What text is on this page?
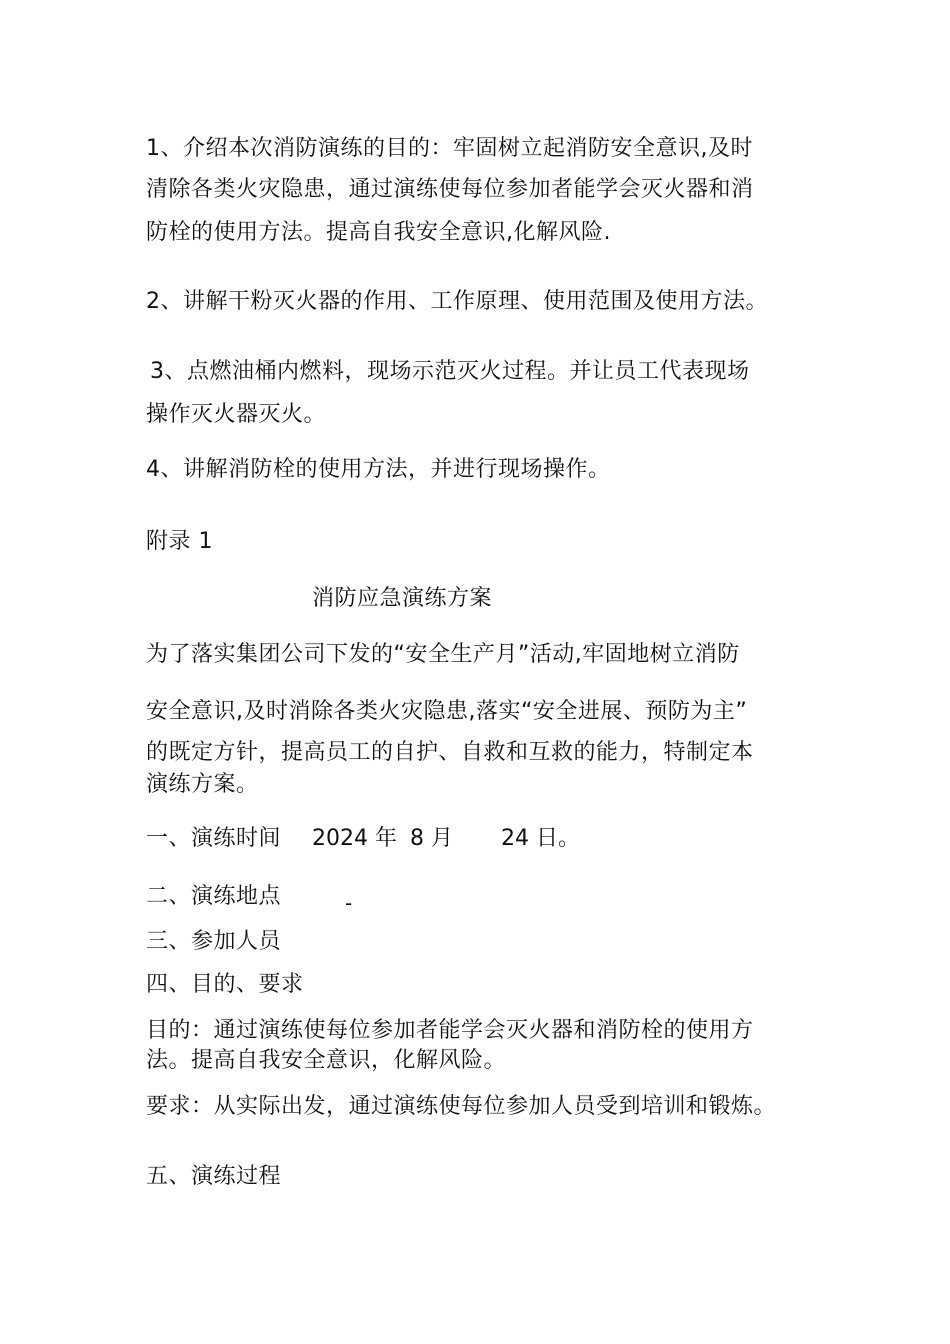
1、介绍本次消防演练的目的：牢固树立起消防安全意识,及时
清除各类火灾隐患，通过演练使每位参加者能学会灭火器和消
防栓的使用方法。提高自我安全意识,化解风险.
2、讲解干粉灭火器的作用、工作原理、使用范围及使用方法。
3、点燃油桶内燃料，现场示范灭火过程。并让员工代表现场
操作灭火器灭火。
4、讲解消防栓的使用方法，并进行现场操作。
附录 1
消防应急演练方案
为了落实集团公司下发的“安全生产月”活动,牢固地树立消防
安全意识,及时消除各类火灾隐患,落实“安全进展、预防为主”
的既定方针，提高员工的自护、自救和互救的能力，特制定本
演练方案。
一、演练时间 2024 年 8 月 24 日。
二、演练地点	-
三、参加人员
四、目的、要求
目的：通过演练使每位参加者能学会灭火器和消防栓的使用方
法。提高自我安全意识，化解风险。
要求：从实际出发，通过演练使每位参加人员受到培训和锻炼。
五、演练过程
